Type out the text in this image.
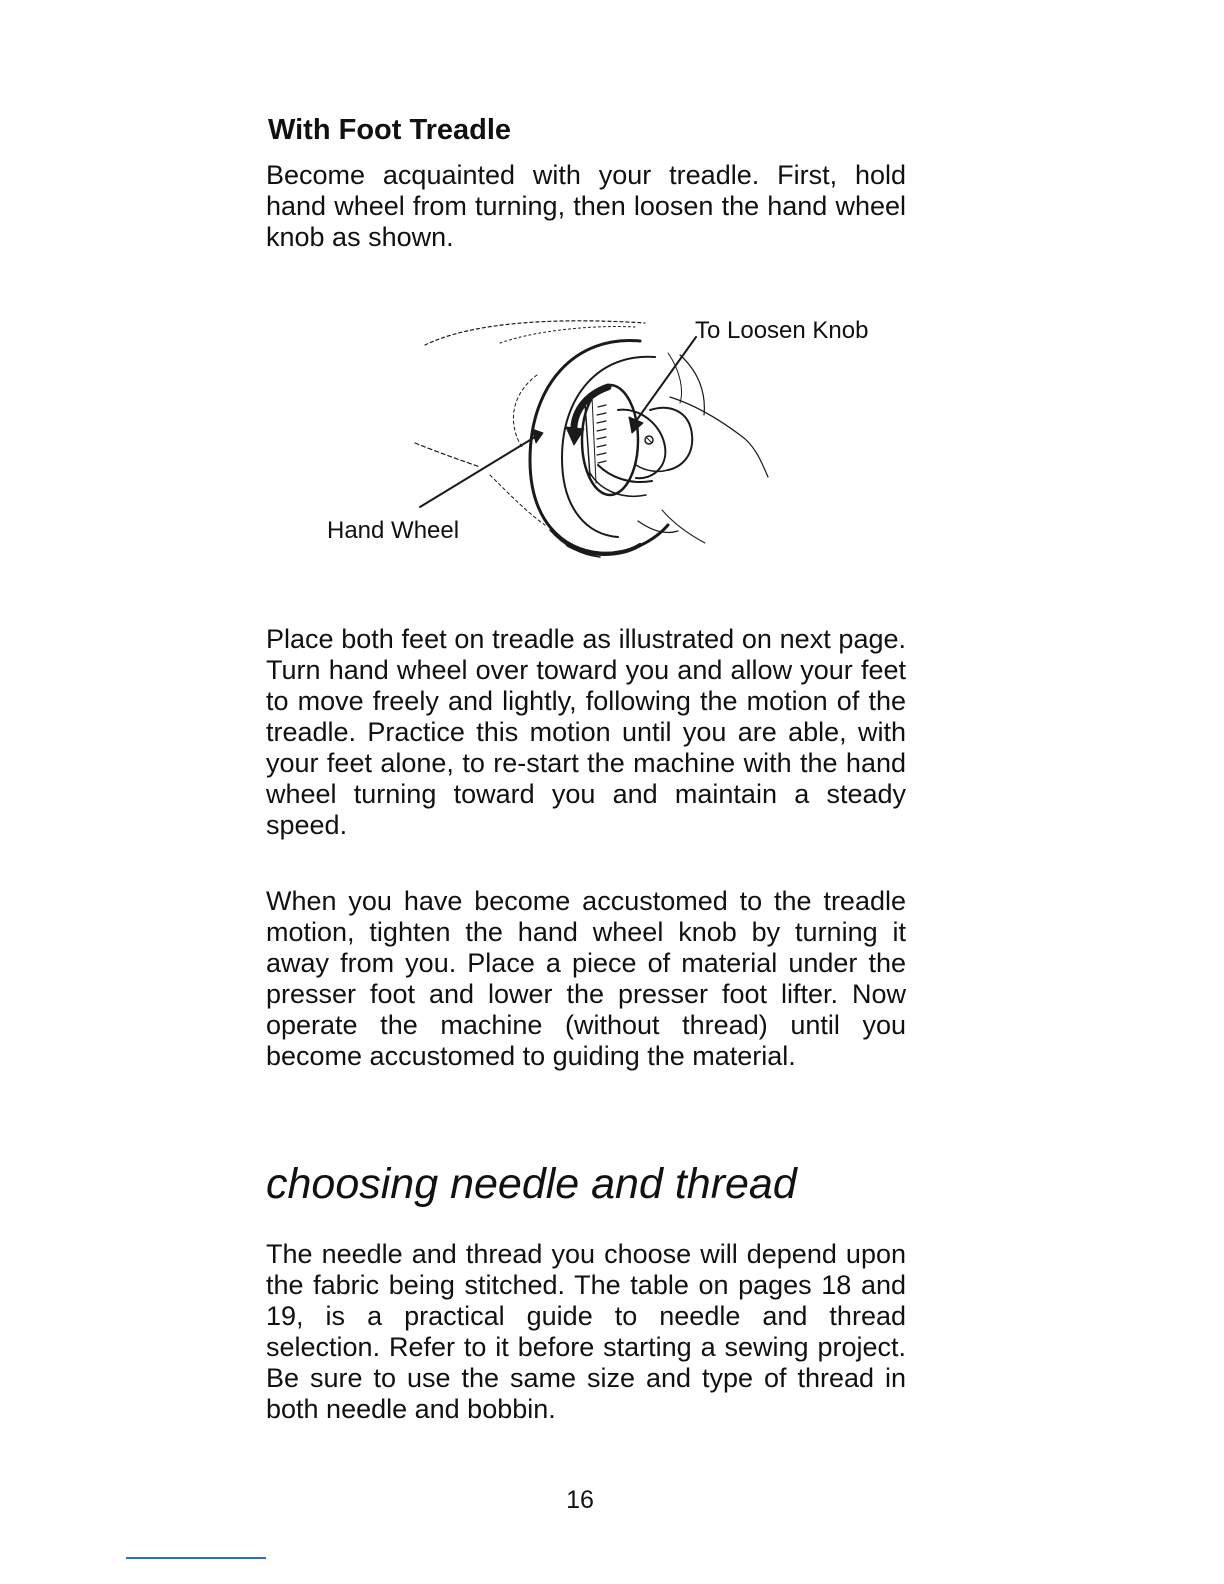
With Foot Treadle

Become acquainted with your treadle. First, hold hand wheel from turning, then loosen the hand wheel knob as shown.

To Loosen Knob
Hand Wheel

Place both feet on treadle as illustrated on next page. Turn hand wheel over toward you and allow your feet to move freely and lightly, following the motion of the treadle. Practice this motion until you are able, with your feet alone, to re-start the machine with the hand wheel turning toward you and maintain a steady speed.

When you have become accustomed to the treadle motion, tighten the hand wheel knob by turning it away from you. Place a piece of material under the presser foot and lower the presser foot lifter. Now operate the machine (without thread) until you become accustomed to guiding the material.

choosing needle and thread

The needle and thread you choose will depend upon the fabric being stitched. The table on pages 18 and 19, is a practical guide to needle and thread selection. Refer to it before starting a sewing project. Be sure to use the same size and type of thread in both needle and bobbin.

16
